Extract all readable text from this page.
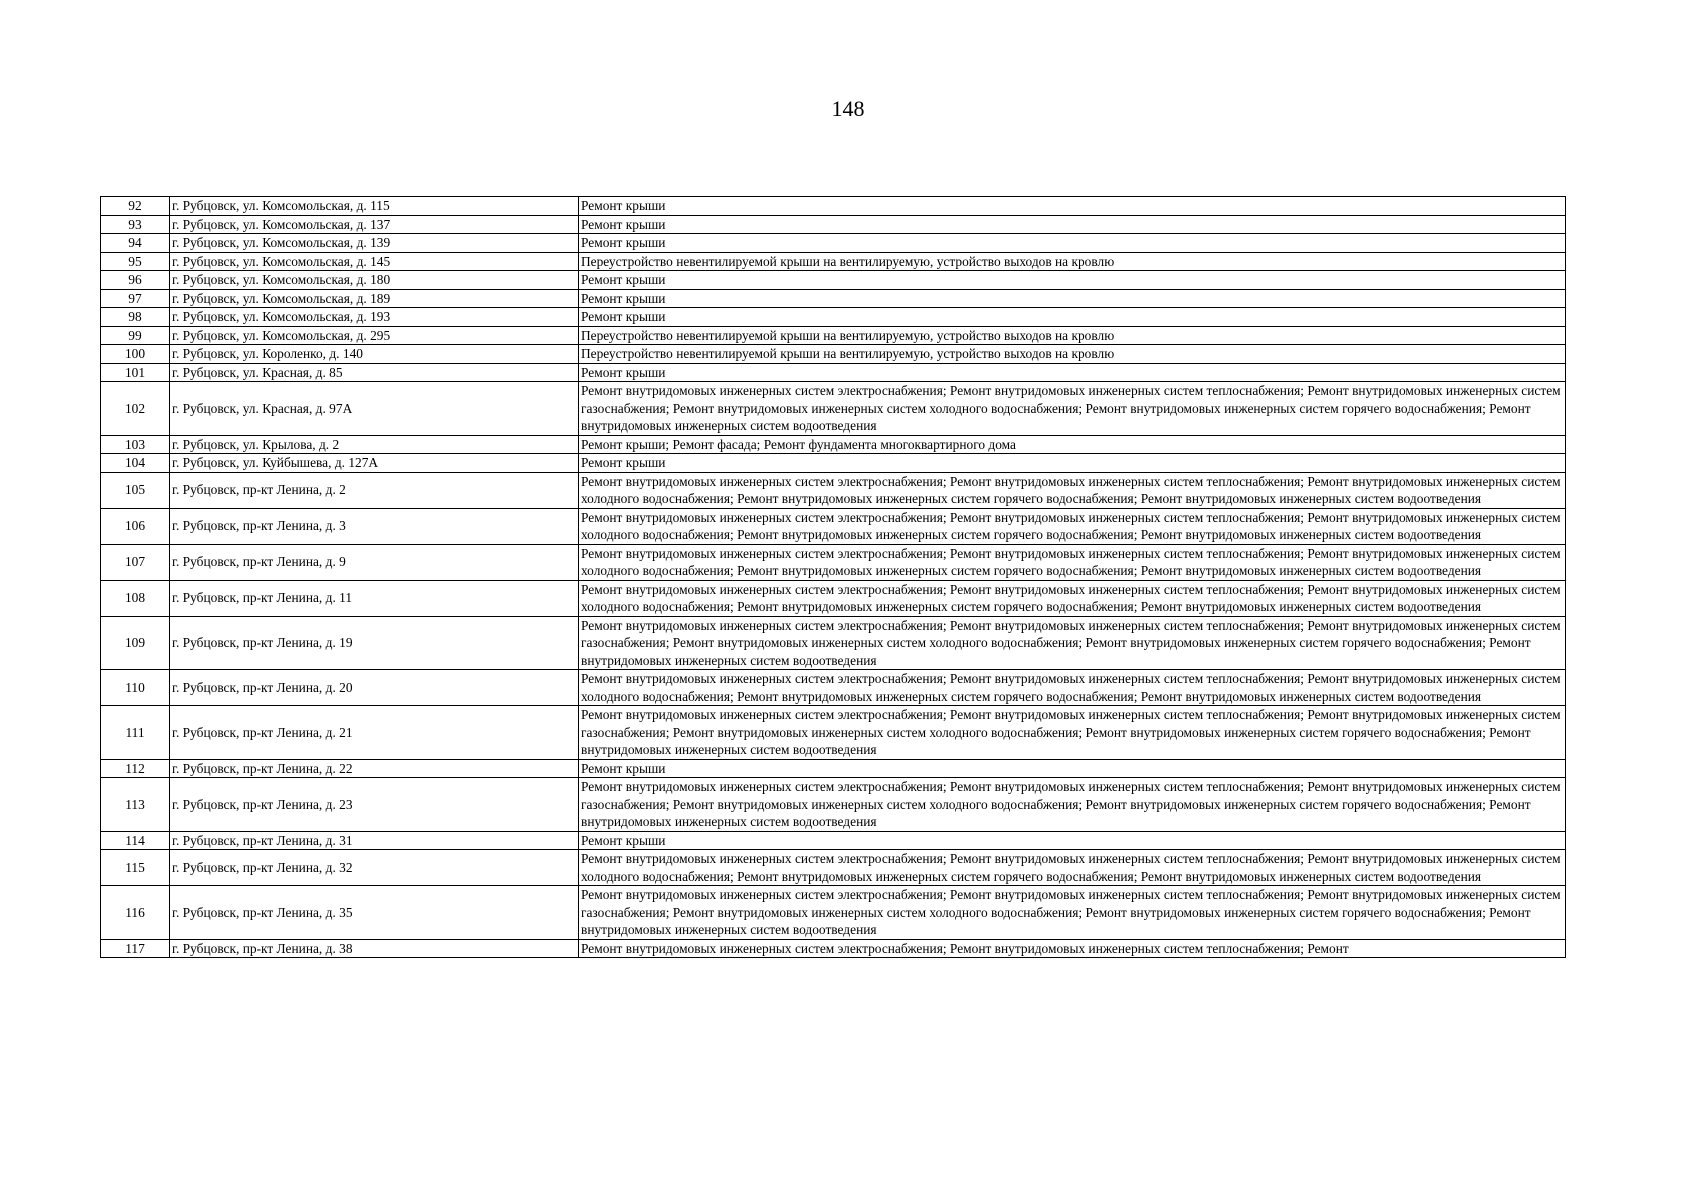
148
92	г. Рубцовск, ул. Комсомольская, д. 115	Ремонт крыши
93	г. Рубцовск, ул. Комсомольская, д. 137	Ремонт крыши
94	г. Рубцовск, ул. Комсомольская, д. 139	Ремонт крыши
95	г. Рубцовск, ул. Комсомольская, д. 145	Переустройство невентилируемой крыши на вентилируемую, устройство выходов на кровлю
96	г. Рубцовск, ул. Комсомольская, д. 180	Ремонт крыши
97	г. Рубцовск, ул. Комсомольская, д. 189	Ремонт крыши
98	г. Рубцовск, ул. Комсомольская, д. 193	Ремонт крыши
99	г. Рубцовск, ул. Комсомольская, д. 295	Переустройство невентилируемой крыши на вентилируемую, устройство выходов на кровлю
100	г. Рубцовск, ул. Короленко, д. 140	Переустройство невентилируемой крыши на вентилируемую, устройство выходов на кровлю
101	г. Рубцовск, ул. Красная, д. 85	Ремонт крыши
102	г. Рубцовск, ул. Красная, д. 97А	Ремонт внутридомовых инженерных систем электроснабжения; Ремонт внутридомовых инженерных систем теплоснабжения; Ремонт внутридомовых инженерных систем газоснабжения; Ремонт внутридомовых инженерных систем холодного водоснабжения; Ремонт внутридомовых инженерных систем горячего водоснабжения; Ремонт внутридомовых инженерных систем водоотведения
103	г. Рубцовск, ул. Крылова, д. 2	Ремонт крыши; Ремонт фасада; Ремонт фундамента многоквартирного дома
104	г. Рубцовск, ул. Куйбышева, д. 127А	Ремонт крыши
105	г. Рубцовск, пр-кт Ленина, д. 2	Ремонт внутридомовых инженерных систем электроснабжения; Ремонт внутридомовых инженерных систем теплоснабжения; Ремонт внутридомовых инженерных систем холодного водоснабжения; Ремонт внутридомовых инженерных систем горячего водоснабжения; Ремонт внутридомовых инженерных систем водоотведения
106	г. Рубцовск, пр-кт Ленина, д. 3	Ремонт внутридомовых инженерных систем электроснабжения; Ремонт внутридомовых инженерных систем теплоснабжения; Ремонт внутридомовых инженерных систем холодного водоснабжения; Ремонт внутридомовых инженерных систем горячего водоснабжения; Ремонт внутридомовых инженерных систем водоотведения
107	г. Рубцовск, пр-кт Ленина, д. 9	Ремонт внутридомовых инженерных систем электроснабжения; Ремонт внутридомовых инженерных систем теплоснабжения; Ремонт внутридомовых инженерных систем холодного водоснабжения; Ремонт внутридомовых инженерных систем горячего водоснабжения; Ремонт внутридомовых инженерных систем водоотведения
108	г. Рубцовск, пр-кт Ленина, д. 11	Ремонт внутридомовых инженерных систем электроснабжения; Ремонт внутридомовых инженерных систем теплоснабжения; Ремонт внутридомовых инженерных систем холодного водоснабжения; Ремонт внутридомовых инженерных систем горячего водоснабжения; Ремонт внутридомовых инженерных систем водоотведения
109	г. Рубцовск, пр-кт Ленина, д. 19	Ремонт внутридомовых инженерных систем электроснабжения; Ремонт внутридомовых инженерных систем теплоснабжения; Ремонт внутридомовых инженерных систем газоснабжения; Ремонт внутридомовых инженерных систем холодного водоснабжения; Ремонт внутридомовых инженерных систем горячего водоснабжения; Ремонт внутридомовых инженерных систем водоотведения
110	г. Рубцовск, пр-кт Ленина, д. 20	Ремонт внутридомовых инженерных систем электроснабжения; Ремонт внутридомовых инженерных систем теплоснабжения; Ремонт внутридомовых инженерных систем холодного водоснабжения; Ремонт внутридомовых инженерных систем горячего водоснабжения; Ремонт внутридомовых инженерных систем водоотведения
111	г. Рубцовск, пр-кт Ленина, д. 21	Ремонт внутридомовых инженерных систем электроснабжения; Ремонт внутридомовых инженерных систем теплоснабжения; Ремонт внутридомовых инженерных систем газоснабжения; Ремонт внутридомовых инженерных систем холодного водоснабжения; Ремонт внутридомовых инженерных систем горячего водоснабжения; Ремонт внутридомовых инженерных систем водоотведения
112	г. Рубцовск, пр-кт Ленина, д. 22	Ремонт крыши
113	г. Рубцовск, пр-кт Ленина, д. 23	Ремонт внутридомовых инженерных систем электроснабжения; Ремонт внутридомовых инженерных систем теплоснабжения; Ремонт внутридомовых инженерных систем газоснабжения; Ремонт внутридомовых инженерных систем холодного водоснабжения; Ремонт внутридомовых инженерных систем горячего водоснабжения; Ремонт внутридомовых инженерных систем водоотведения
114	г. Рубцовск, пр-кт Ленина, д. 31	Ремонт крыши
115	г. Рубцовск, пр-кт Ленина, д. 32	Ремонт внутридомовых инженерных систем электроснабжения; Ремонт внутридомовых инженерных систем теплоснабжения; Ремонт внутридомовых инженерных систем холодного водоснабжения; Ремонт внутридомовых инженерных систем горячего водоснабжения; Ремонт внутридомовых инженерных систем водоотведения
116	г. Рубцовск, пр-кт Ленина, д. 35	Ремонт внутридомовых инженерных систем электроснабжения; Ремонт внутридомовых инженерных систем теплоснабжения; Ремонт внутридомовых инженерных систем газоснабжения; Ремонт внутридомовых инженерных систем холодного водоснабжения; Ремонт внутридомовых инженерных систем горячего водоснабжения; Ремонт внутридомовых инженерных систем водоотведения
117	г. Рубцовск, пр-кт Ленина, д. 38	Ремонт внутридомовых инженерных систем электроснабжения; Ремонт внутридомовых инженерных систем теплоснабжения; Ремонт
